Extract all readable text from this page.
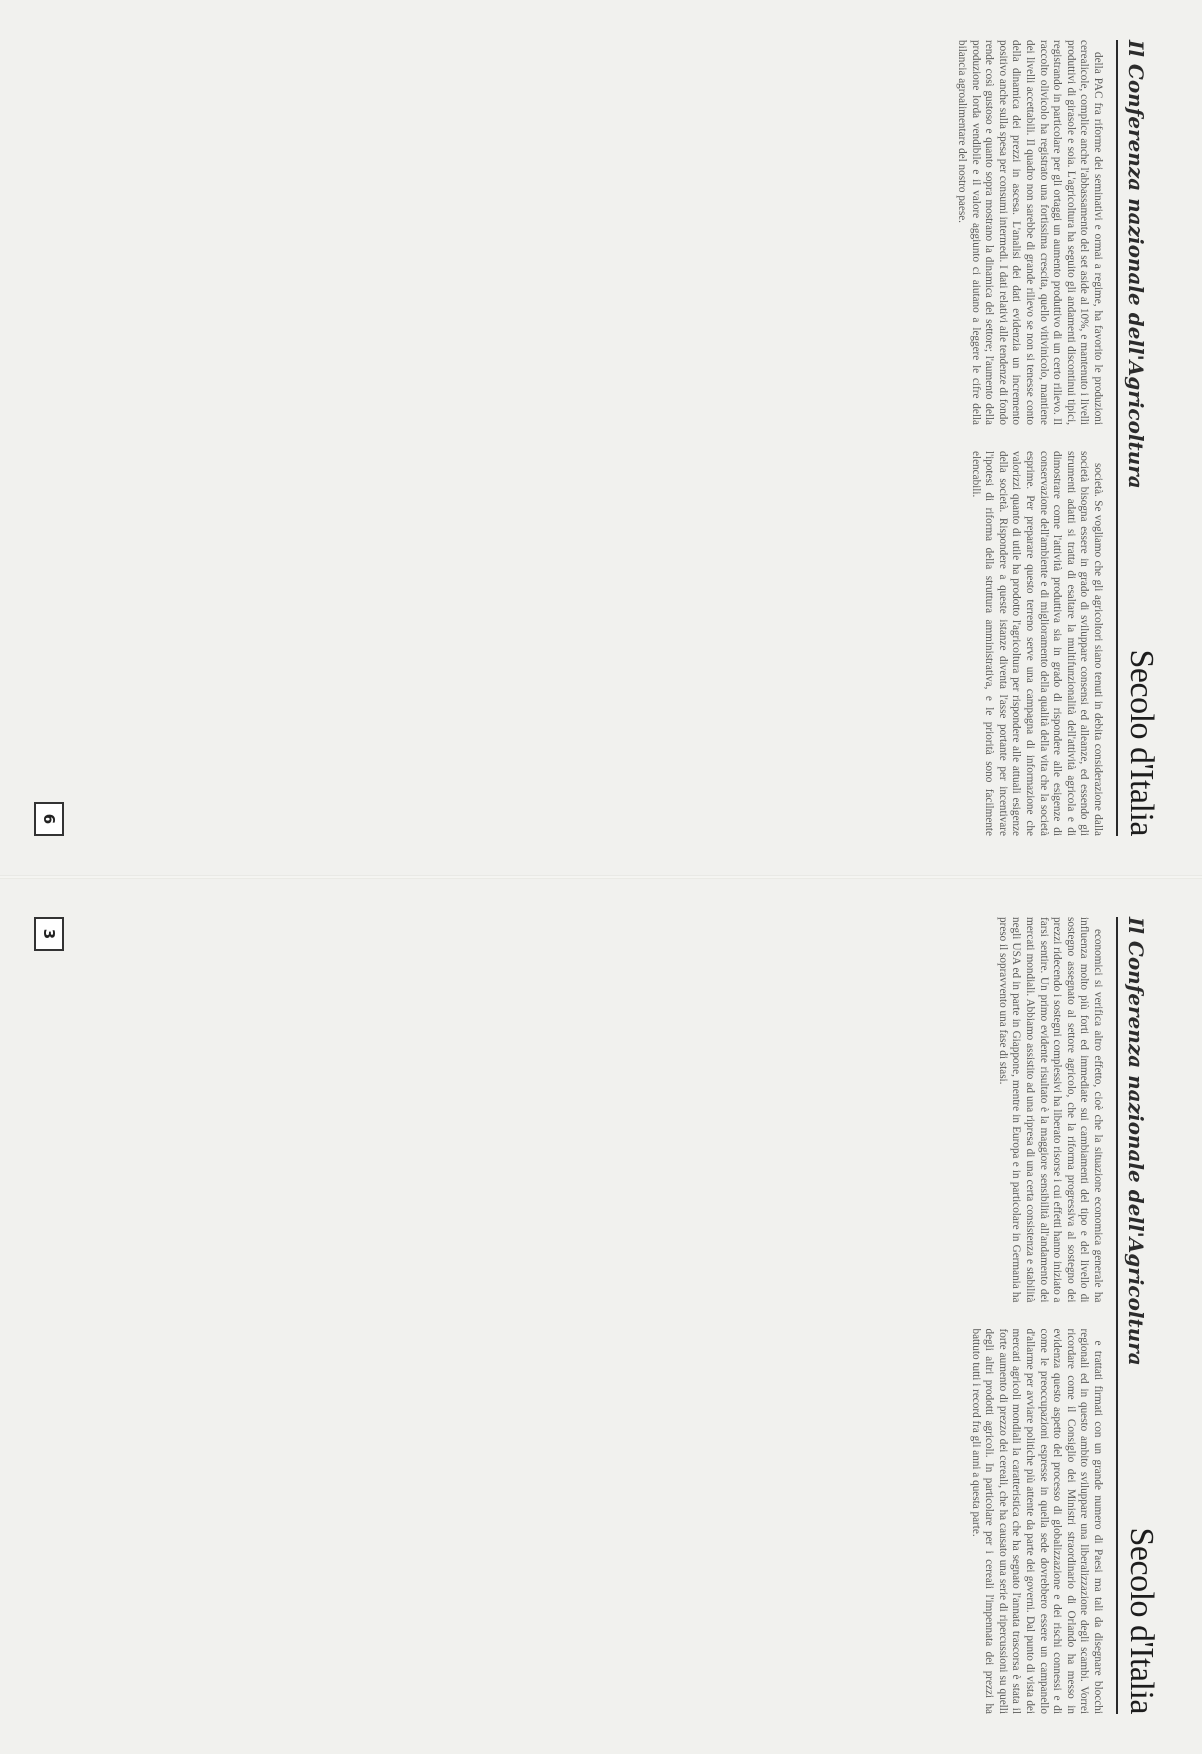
Il Conferenza nazionale dell'Agricoltura
Secolo d'Italia

della PAC fra riforme dei seminativi e ormai a regime, ha favorito le produzioni cerealicole, complice anche l'abbassamento del set aside al 10%, e mantenuto i livelli produttivi di girasole e soia. L'agricoltura ha seguito gli andamenti discontinui tipici, registrando in particolare per gli ortaggi un aumento produttivo di un certo rilievo. Il raccolto olivicolo ha registrato una fortissima crescita, quello vitivinicolo, mantiene dei livelli accettabili. Il quadro non sarebbe di grande rilievo se non si tenesse conto della dinamica dei prezzi in ascesa. L'analisi dei dati evidenzia un incremento positivo anche sulla spesa per consumi intermedi. I dati relativi alle tendenze di fondo rende così gustoso e quanto sopra mostrano la dinamica del settore; l'aumento della produzione lorda vendibile e il valore aggiunto ci aiutano a leggere le cifre della bilancia agroalimentare del nostro paese.

società. Se vogliamo che gli agricoltori siano tenuti in debita considerazione dalla società bisogna essere in grado di sviluppare consensi ed alleanze, ed essendo gli strumenti adatti si tratta di esaltare la multifunzionalità dell'attività agricola e di dimostrare come l'attività produttiva sia in grado di rispondere alle esigenze di conservazione dell'ambiente e di miglioramento della qualità della vita che la società esprime. Per preparare questo terreno serve una campagna di informazione che valorizzi quanto di utile ha prodotto l'agricoltura per rispondere alle attuali esigenze della società. Rispondere a queste istanze diventa l'asse portante per incentivare l'ipotesi di riforma della struttura amministrativa, e le priorità sono facilmente elencabili.

6
Il Conferenza nazionale dell'Agricoltura
Secolo d'Italia

economici si verifica altro effetto, cioè che la situazione economica generale ha influenza molto più forti ed immediate sui cambiamenti del tipo e del livello di sostegno assegnato al settore agricolo, che la riforma progressiva al sostegno dei prezzi ridecendo i sostegni complessivi ha liberato risorse i cui effetti hanno iniziato a farsi sentire. Un primo evidente risultato è la maggiore sensibilità all'andamento dei mercati mondiali. Abbiamo assistito ad una ripresa di una certa consistenza e stabilità negli USA ed in parte in Giappone, mentre in Europa e in particolare in Germania ha preso il sopravvento una fase di stasi.

e trattati firmati con un grande numero di Paesi ma tali da disegnare blocchi regionali ed in questo ambito sviluppare una liberalizzazione degli scambi. Vorrei ricordare come il Consiglio dei Ministri straordinario di Orlando ha messo in evidenza questo aspetto del processo di globalizzazione e dei rischi connessi e di come le preoccupazioni espresse in quella sede dovrebbero essere un campanello d'allarme per avviare politiche più attente da parte dei governi. Dal punto di vista dei mercati agricoli mondiali la caratteristica che ha segnato l'annata trascorsa è stata il forte aumento di prezzo dei cereali, che ha causato una serie di ripercussioni su quelli degli altri prodotti agricoli. In particolare per i cereali l'impennata dei prezzi ha battuto tutti i record fra gli anni a questa parte.

3
